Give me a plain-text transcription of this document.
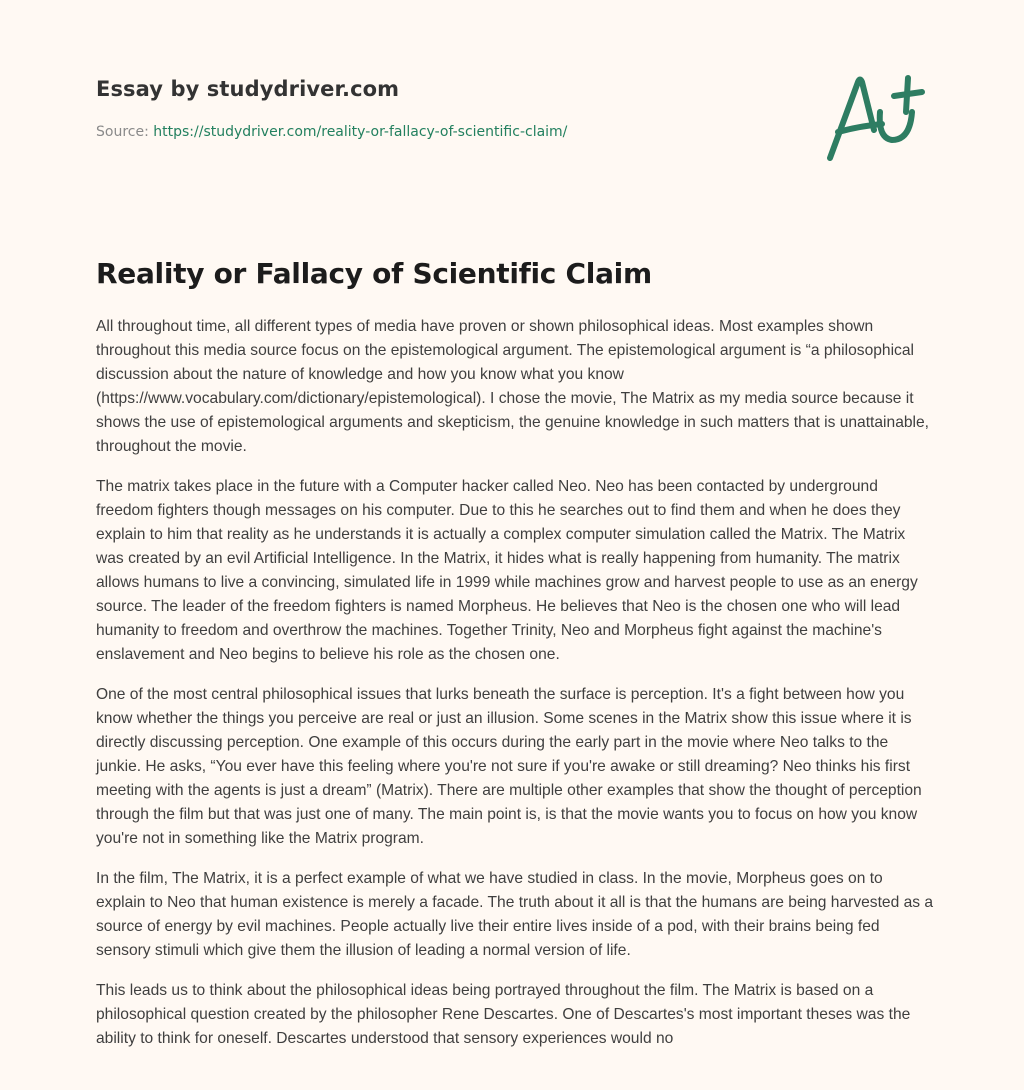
Essay by studydriver.com
Source: https://studydriver.com/reality-or-fallacy-of-scientific-claim/
Reality or Fallacy of Scientific Claim

All throughout time, all different types of media have proven or shown philosophical ideas. Most examples shown throughout this media source focus on the epistemological argument. The epistemological argument is “a philosophical discussion about the nature of knowledge and how you know what you know (https://www.vocabulary.com/dictionary/epistemological). I chose the movie, The Matrix as my media source because it shows the use of epistemological arguments and skepticism, the genuine knowledge in such matters that is unattainable, throughout the movie.

The matrix takes place in the future with a Computer hacker called Neo. Neo has been contacted by underground freedom fighters though messages on his computer. Due to this he searches out to find them and when he does they explain to him that reality as he understands it is actually a complex computer simulation called the Matrix. The Matrix was created by an evil Artificial Intelligence. In the Matrix, it hides what is really happening from humanity. The matrix allows humans to live a convincing, simulated life in 1999 while machines grow and harvest people to use as an energy source. The leader of the freedom fighters is named Morpheus. He believes that Neo is the chosen one who will lead humanity to freedom and overthrow the machines. Together Trinity, Neo and Morpheus fight against the machine's enslavement and Neo begins to believe his role as the chosen one.

One of the most central philosophical issues that lurks beneath the surface is perception. It's a fight between how you know whether the things you perceive are real or just an illusion. Some scenes in the Matrix show this issue where it is directly discussing perception. One example of this occurs during the early part in the movie where Neo talks to the junkie. He asks, “You ever have this feeling where you're not sure if you're awake or still dreaming? Neo thinks his first meeting with the agents is just a dream” (Matrix). There are multiple other examples that show the thought of perception through the film but that was just one of many. The main point is, is that the movie wants you to focus on how you know you're not in something like the Matrix program.

In the film, The Matrix, it is a perfect example of what we have studied in class. In the movie, Morpheus goes on to explain to Neo that human existence is merely a facade. The truth about it all is that the humans are being harvested as a source of energy by evil machines. People actually live their entire lives inside of a pod, with their brains being fed sensory stimuli which give them the illusion of leading a normal version of life.

This leads us to think about the philosophical ideas being portrayed throughout the film. The Matrix is based on a philosophical question created by the philosopher Rene Descartes. One of Descartes's most important theses was the ability to think for oneself. Descartes understood that sensory experiences would no
